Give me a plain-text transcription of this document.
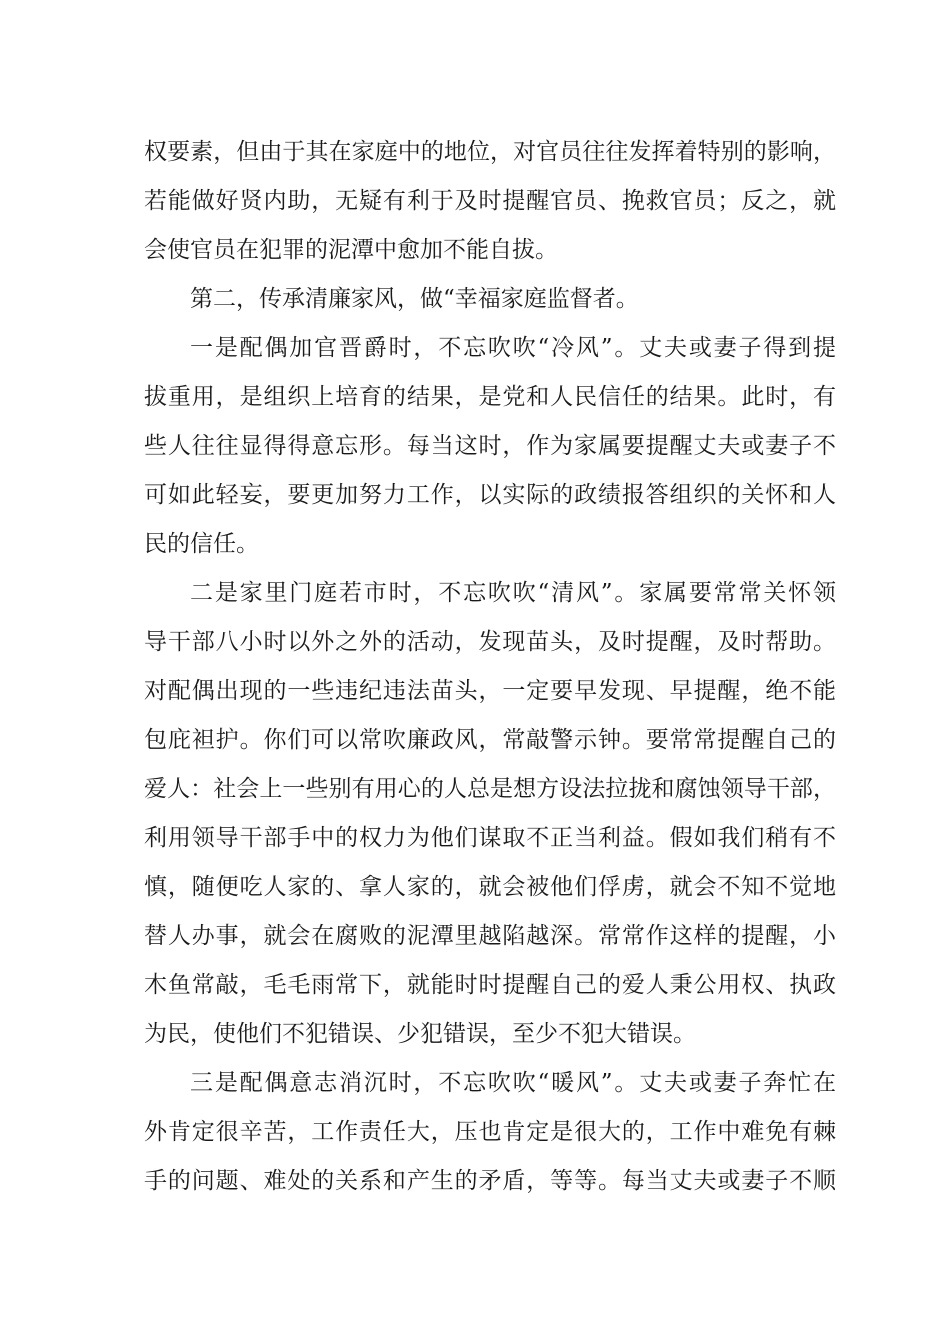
权要素，但由于其在家庭中的地位，对官员往往发挥着特别的影响，
若能做好贤内助，无疑有利于及时提醒官员、挽救官员；反之，就
会使官员在犯罪的泥潭中愈加不能自拔。
第二，传承清廉家风，做“幸福家庭监督者。
一是配偶加官晋爵时，不忘吹吹“冷风”。丈夫或妻子得到提
拔重用，是组织上培育的结果，是党和人民信任的结果。此时，有
些人往往显得得意忘形。每当这时，作为家属要提醒丈夫或妻子不
可如此轻妄，要更加努力工作，以实际的政绩报答组织的关怀和人
民的信任。
二是家里门庭若市时，不忘吹吹“清风”。家属要常常关怀领
导干部八小时以外之外的活动，发现苗头，及时提醒，及时帮助。
对配偶出现的一些违纪违法苗头，一定要早发现、早提醒，绝不能
包庇袒护。你们可以常吹廉政风，常敲警示钟。要常常提醒自己的
爱人：社会上一些别有用心的人总是想方设法拉拢和腐蚀领导干部，
利用领导干部手中的权力为他们谋取不正当利益。假如我们稍有不
慎，随便吃人家的、拿人家的，就会被他们俘虏，就会不知不觉地
替人办事，就会在腐败的泥潭里越陷越深。常常作这样的提醒，小
木鱼常敲，毛毛雨常下，就能时时提醒自己的爱人秉公用权、执政
为民，使他们不犯错误、少犯错误，至少不犯大错误。
三是配偶意志消沉时，不忘吹吹“暖风”。丈夫或妻子奔忙在
外肯定很辛苦，工作责任大，压也肯定是很大的，工作中难免有棘
手的问题、难处的关系和产生的矛盾，等等。每当丈夫或妻子不顺
